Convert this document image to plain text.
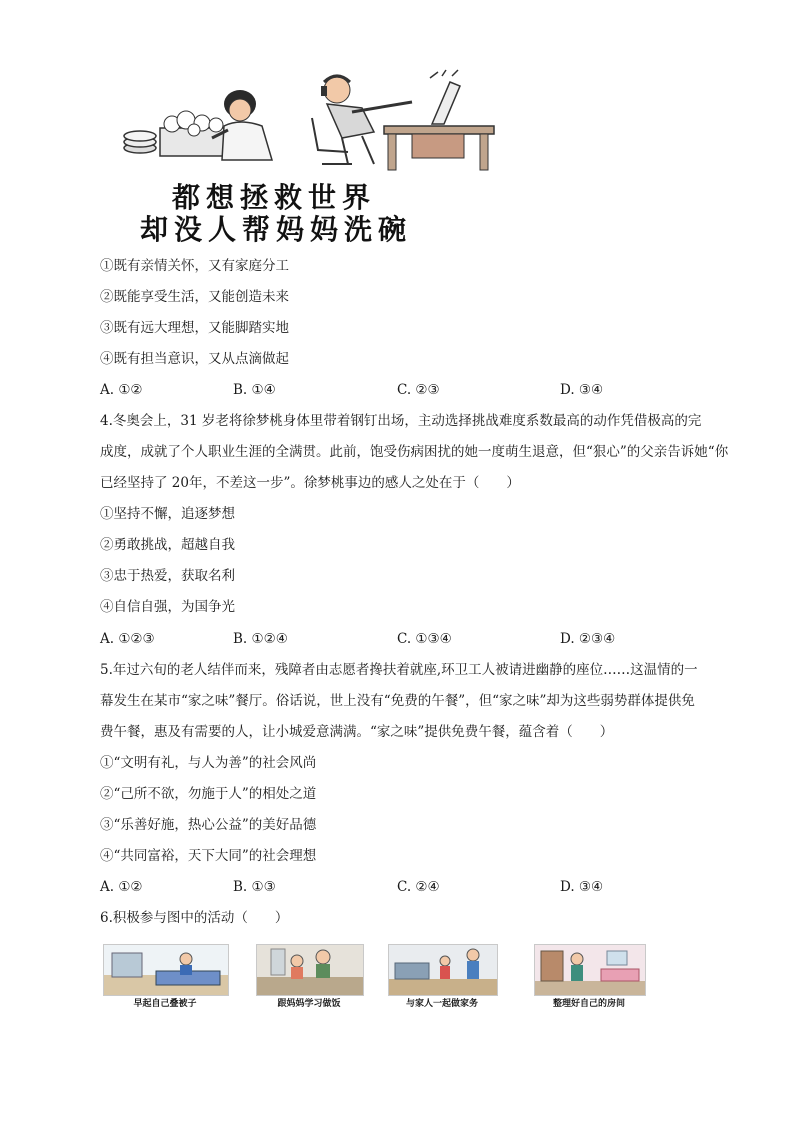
都想拯救世界
却没人帮妈妈洗碗
①既有亲情关怀，又有家庭分工
②既能享受生活，又能创造未来
③既有远大理想，又能脚踏实地
④既有担当意识，又从点滴做起
A. ①②	B. ①④	C. ②③	D. ③④
4.冬奥会上，31 岁老将徐梦桃身体里带着钢钉出场，主动选择挑战难度系数最高的动作凭借极高的完
成度，成就了个人职业生涯的全满贯。此前，饱受伤病困扰的她一度萌生退意，但“狠心”的父亲告诉她“你
已经坚持了 20年，不差这一步”。徐梦桃事边的感人之处在于（　　）
①坚持不懈，追逐梦想
②勇敢挑战，超越自我
③忠于热爱，获取名利
④自信自强，为国争光
A. ①②③	B. ①②④	C. ①③④	D. ②③④
5.年过六旬的老人结伴而来，残障者由志愿者搀扶着就座,环卫工人被请进幽静的座位……这温情的一
幕发生在某市“家之味”餐厅。俗话说，世上没有“免费的午餐”，但“家之味”却为这些弱势群体提供免
费午餐，惠及有需要的人，让小城爱意满满。“家之味”提供免费午餐，蕴含着（　　）
①“文明有礼，与人为善”的社会风尚
②“己所不欲，勿施于人”的相处之道
③“乐善好施，热心公益”的美好品德
④“共同富裕，天下大同”的社会理想
A. ①②	B. ①③	C. ②④	D. ③④
6.积极参与图中的活动（　　）
早起自己叠被子	跟妈妈学习做饭	与家人一起做家务	整理好自己的房间
